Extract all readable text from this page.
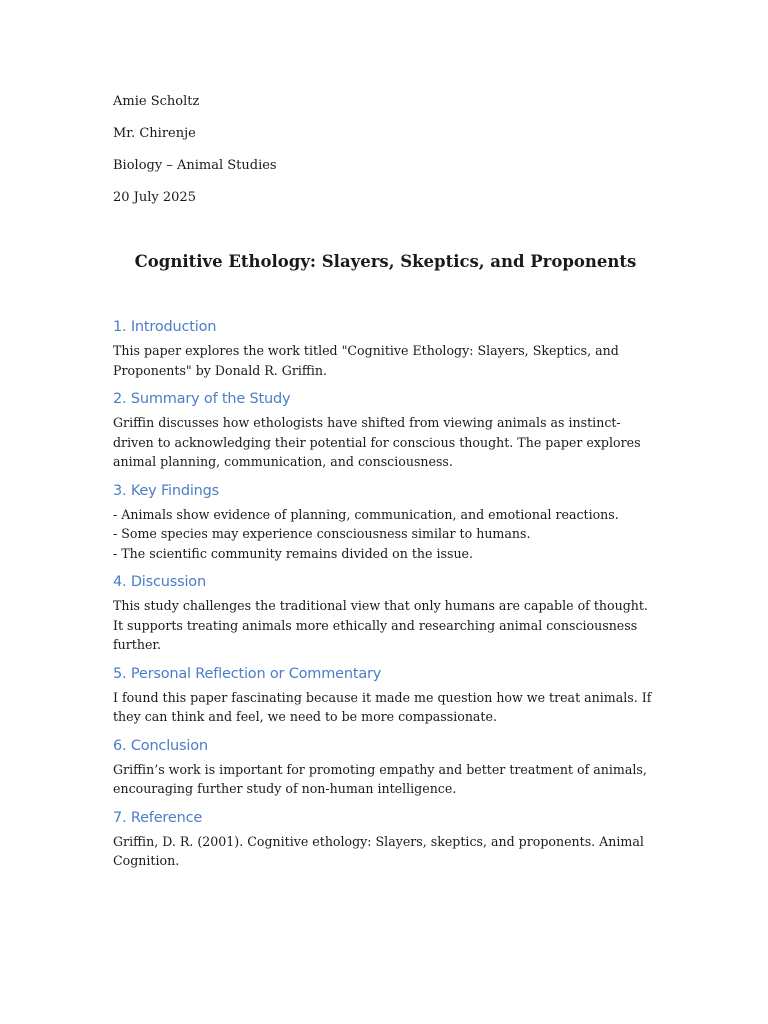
Amie Scholtz
Mr. Chirenje
Biology – Animal Studies
20 July 2025
Cognitive Ethology: Slayers, Skeptics, and Proponents
1. Introduction

This paper explores the work titled "Cognitive Ethology: Slayers, Skeptics, and Proponents" by Donald R. Griffin.

2. Summary of the Study

Griffin discusses how ethologists have shifted from viewing animals as instinct-driven to acknowledging their potential for conscious thought. The paper explores animal planning, communication, and consciousness.

3. Key Findings
- Animals show evidence of planning, communication, and emotional reactions.
- Some species may experience consciousness similar to humans.
- The scientific community remains divided on the issue.
4. Discussion

This study challenges the traditional view that only humans are capable of thought. It supports treating animals more ethically and researching animal consciousness further.

5. Personal Reflection or Commentary

I found this paper fascinating because it made me question how we treat animals. If they can think and feel, we need to be more compassionate.

6. Conclusion

Griffin’s work is important for promoting empathy and better treatment of animals, encouraging further study of non-human intelligence.

7. Reference

Griffin, D. R. (2001). Cognitive ethology: Slayers, skeptics, and proponents. Animal Cognition.
